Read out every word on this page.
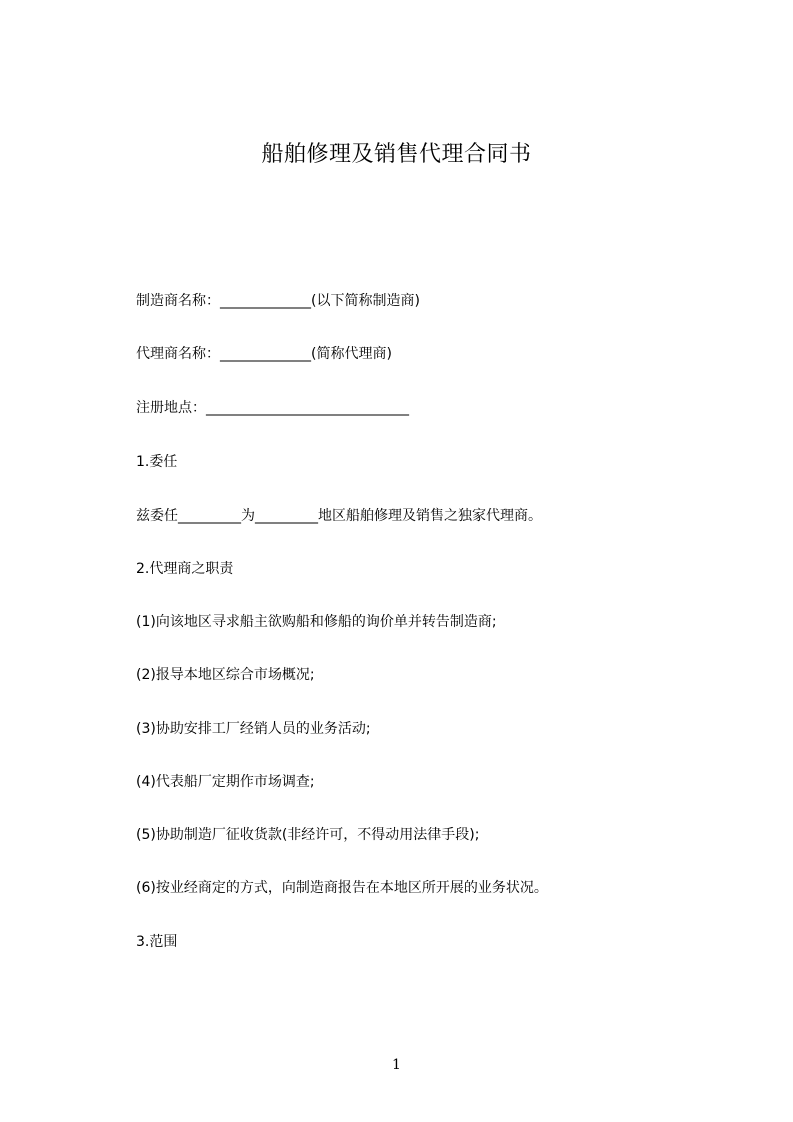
船舶修理及销售代理合同书
制造商名称：_____________(以下简称制造商)
代理商名称：_____________(简称代理商)
注册地点：_____________________________
1.委任
兹委任_________为_________地区船舶修理及销售之独家代理商。
2.代理商之职责
(1)向该地区寻求船主欲购船和修船的询价单并转告制造商;
(2)报导本地区综合市场概况;
(3)协助安排工厂经销人员的业务活动;
(4)代表船厂定期作市场调查;
(5)协助制造厂征收货款(非经许可，不得动用法律手段);
(6)按业经商定的方式，向制造商报告在本地区所开展的业务状况。
3.范围
1
